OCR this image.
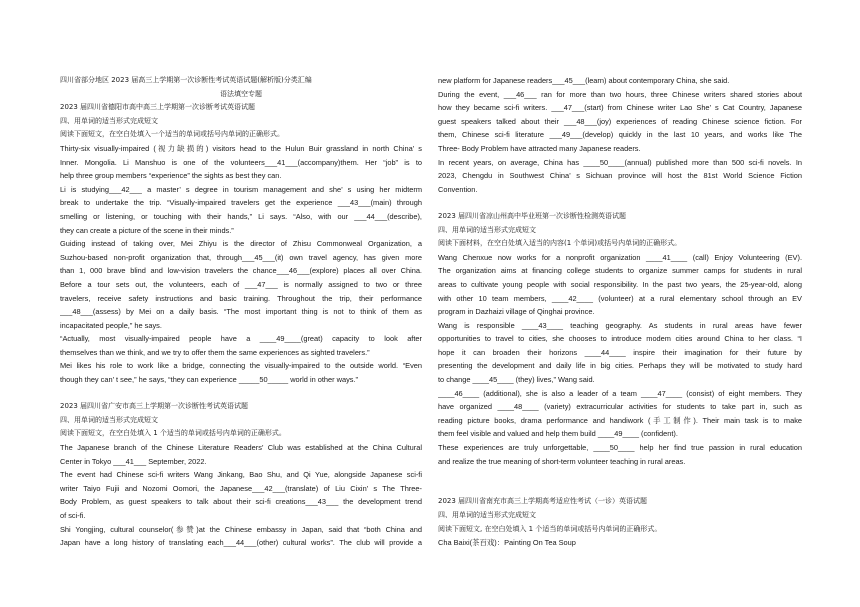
四川省部分地区 2023 届高三上学期第一次诊断性考试英语试题(解析版)分类汇编
语法填空专题
2023 届四川省德阳市高中高三上学期第一次诊断考试英语试题
四、用单词的适当形式完成短文
阅读下面短文，在空白处填入一个适当的单词或括号内单词的正确形式。
Thirty-six visually-impaired (视力缺损的) visitors head to the Hulun Buir grassland in north China’ s
Inner. Mongolia. Li Manshuo is one of the volunteers___41___(accompany)them. Her “job” is to
help three group members “experience” the sights as best they can.
Li is studying___42___ a master’ s degree in tourism management and she’ s using her midterm
break to undertake the trip. “Visually-impaired travelers get the experience ___43___(main) through
smelling or listening, or touching with their hands,” Li says. “Also, with our ___44___(describe),
they can create a picture of the scene in their minds.”
Guiding instead of taking over, Mei Zhiyu is the director of Zhisu Commonweal Organization, a
Suzhou-based non-profit organization that, through___45___(it) own travel agency, has given more
than 1, 000 brave blind and low-vision travelers the chance___46___(explore) places all over China.
Before a tour sets out, the volunteers, each of ___47___ is normally assigned to two or three
travelers, receive safety instructions and basic training. Throughout the trip, their performance
___48___(assess) by Mei on a daily basis. “The most important thing is not to think of them as
incapacitated people,” he says.
“Actually, most visually-impaired people have a ____49____(great) capacity to look after
themselves than we think, and we try to offer them the same experiences as sighted travelers.”
Mei likes his role to work like a bridge, connecting the visually-impaired to the outside world. “Even
though they can’ t see,” he says, “they can experience _____50_____ world in other ways.”
2023 届四川省广安市高三上学期第一次诊断性考试英语试题
四、用单词的适当形式完成短文
阅读下面短文，在空白处填入 1 个适当的单词或括号内单词的正确形式。
The Japanese branch of the Chinese Literature Readers’ Club was established at the China Cultural
Center in Tokyo ___41___ September, 2022.
The event had Chinese sci-fi writers Wang Jinkang, Bao Shu, and Qi Yue, alongside Japanese sci-fi
writer Taiyo Fujii and Nozomi Oomori, the Japanese___42___(translate) of Liu Cixin’ s The Three-
Body Problem, as guest speakers to talk about their sci-fi creations___43___ the development trend
of sci-fi.
Shi Yongjing, cultural counselor(参赞)at the Chinese embassy in Japan, said that “both China and
Japan have a long history of translating each___44___(other) cultural works”. The club will provide a
new platform for Japanese readers___45___(learn) about contemporary China, she said.
During the event, ___46___ ran for more than two hours, three Chinese writers shared stories about
how they became sci-fi writers. ___47___(start) from Chinese writer Lao She’ s Cat Country, Japanese
guest speakers talked about their ___48___(joy) experiences of reading Chinese science fiction. For
them, Chinese sci-fi literature ___49___(develop) quickly in the last 10 years, and works like The
Three- Body Problem have attracted many Japanese readers.
In recent years, on average, China has ____50____(annual) published more than 500 sci-fi novels. In
2023, Chengdu in Southwest China’ s Sichuan province will host the 81st World Science Fiction
Convention.
2023 届四川省凉山州高中毕业班第一次诊断性检测英语试题
四、用单词的适当形式完成短文
阅读下面材料，在空白处填入适当的内容(1 个单词)或括号内单词的正确形式。
Wang Chenxue now works for a nonprofit organization ____41____ (call) Enjoy Volunteering (EV).
The organization aims at financing college students to organize summer camps for students in rural
areas to cultivate young people with social responsibility. In the past two years, the 25-year-old, along
with other 10 team members, ____42____ (volunteer) at a rural elementary school through an EV
program in Dazhaizi village of Qinghai province.
Wang is responsible ____43____ teaching geography. As students in rural areas have fewer
opportunities to travel to cities, she chooses to introduce modem cities around China to her class. “I
hope it can broaden their horizons ____44____ inspire their imagination for their future by
presenting the development and daily life in big cities. Perhaps they will be motivated to study hard
to change ____45____ (they) lives,” Wang said.
____46____ (additional), she is also a leader of a team ____47____ (consist) of eight members. They
have organized ____48____ (variety) extracurricular activities for students to take part in, such as
reading picture books, drama performance and handiwork (手工制作). Their main task is to make
them feel visible and valued and help them build ____49____ (confident).
These experiences are truly unforgettable, ____50____ help her find true passion in rural education
and realize the true meaning of short-term volunteer teaching in rural areas.
2023 届四川省南充市高三上学期高考适应性考试（一诊）英语试题
四、用单词的适当形式完成短文
阅读下面短文, 在空白处填入 1 个适当的单词或括号内单词的正确形式。
Cha Baixi(茶百戏)：Painting On Tea Soup
